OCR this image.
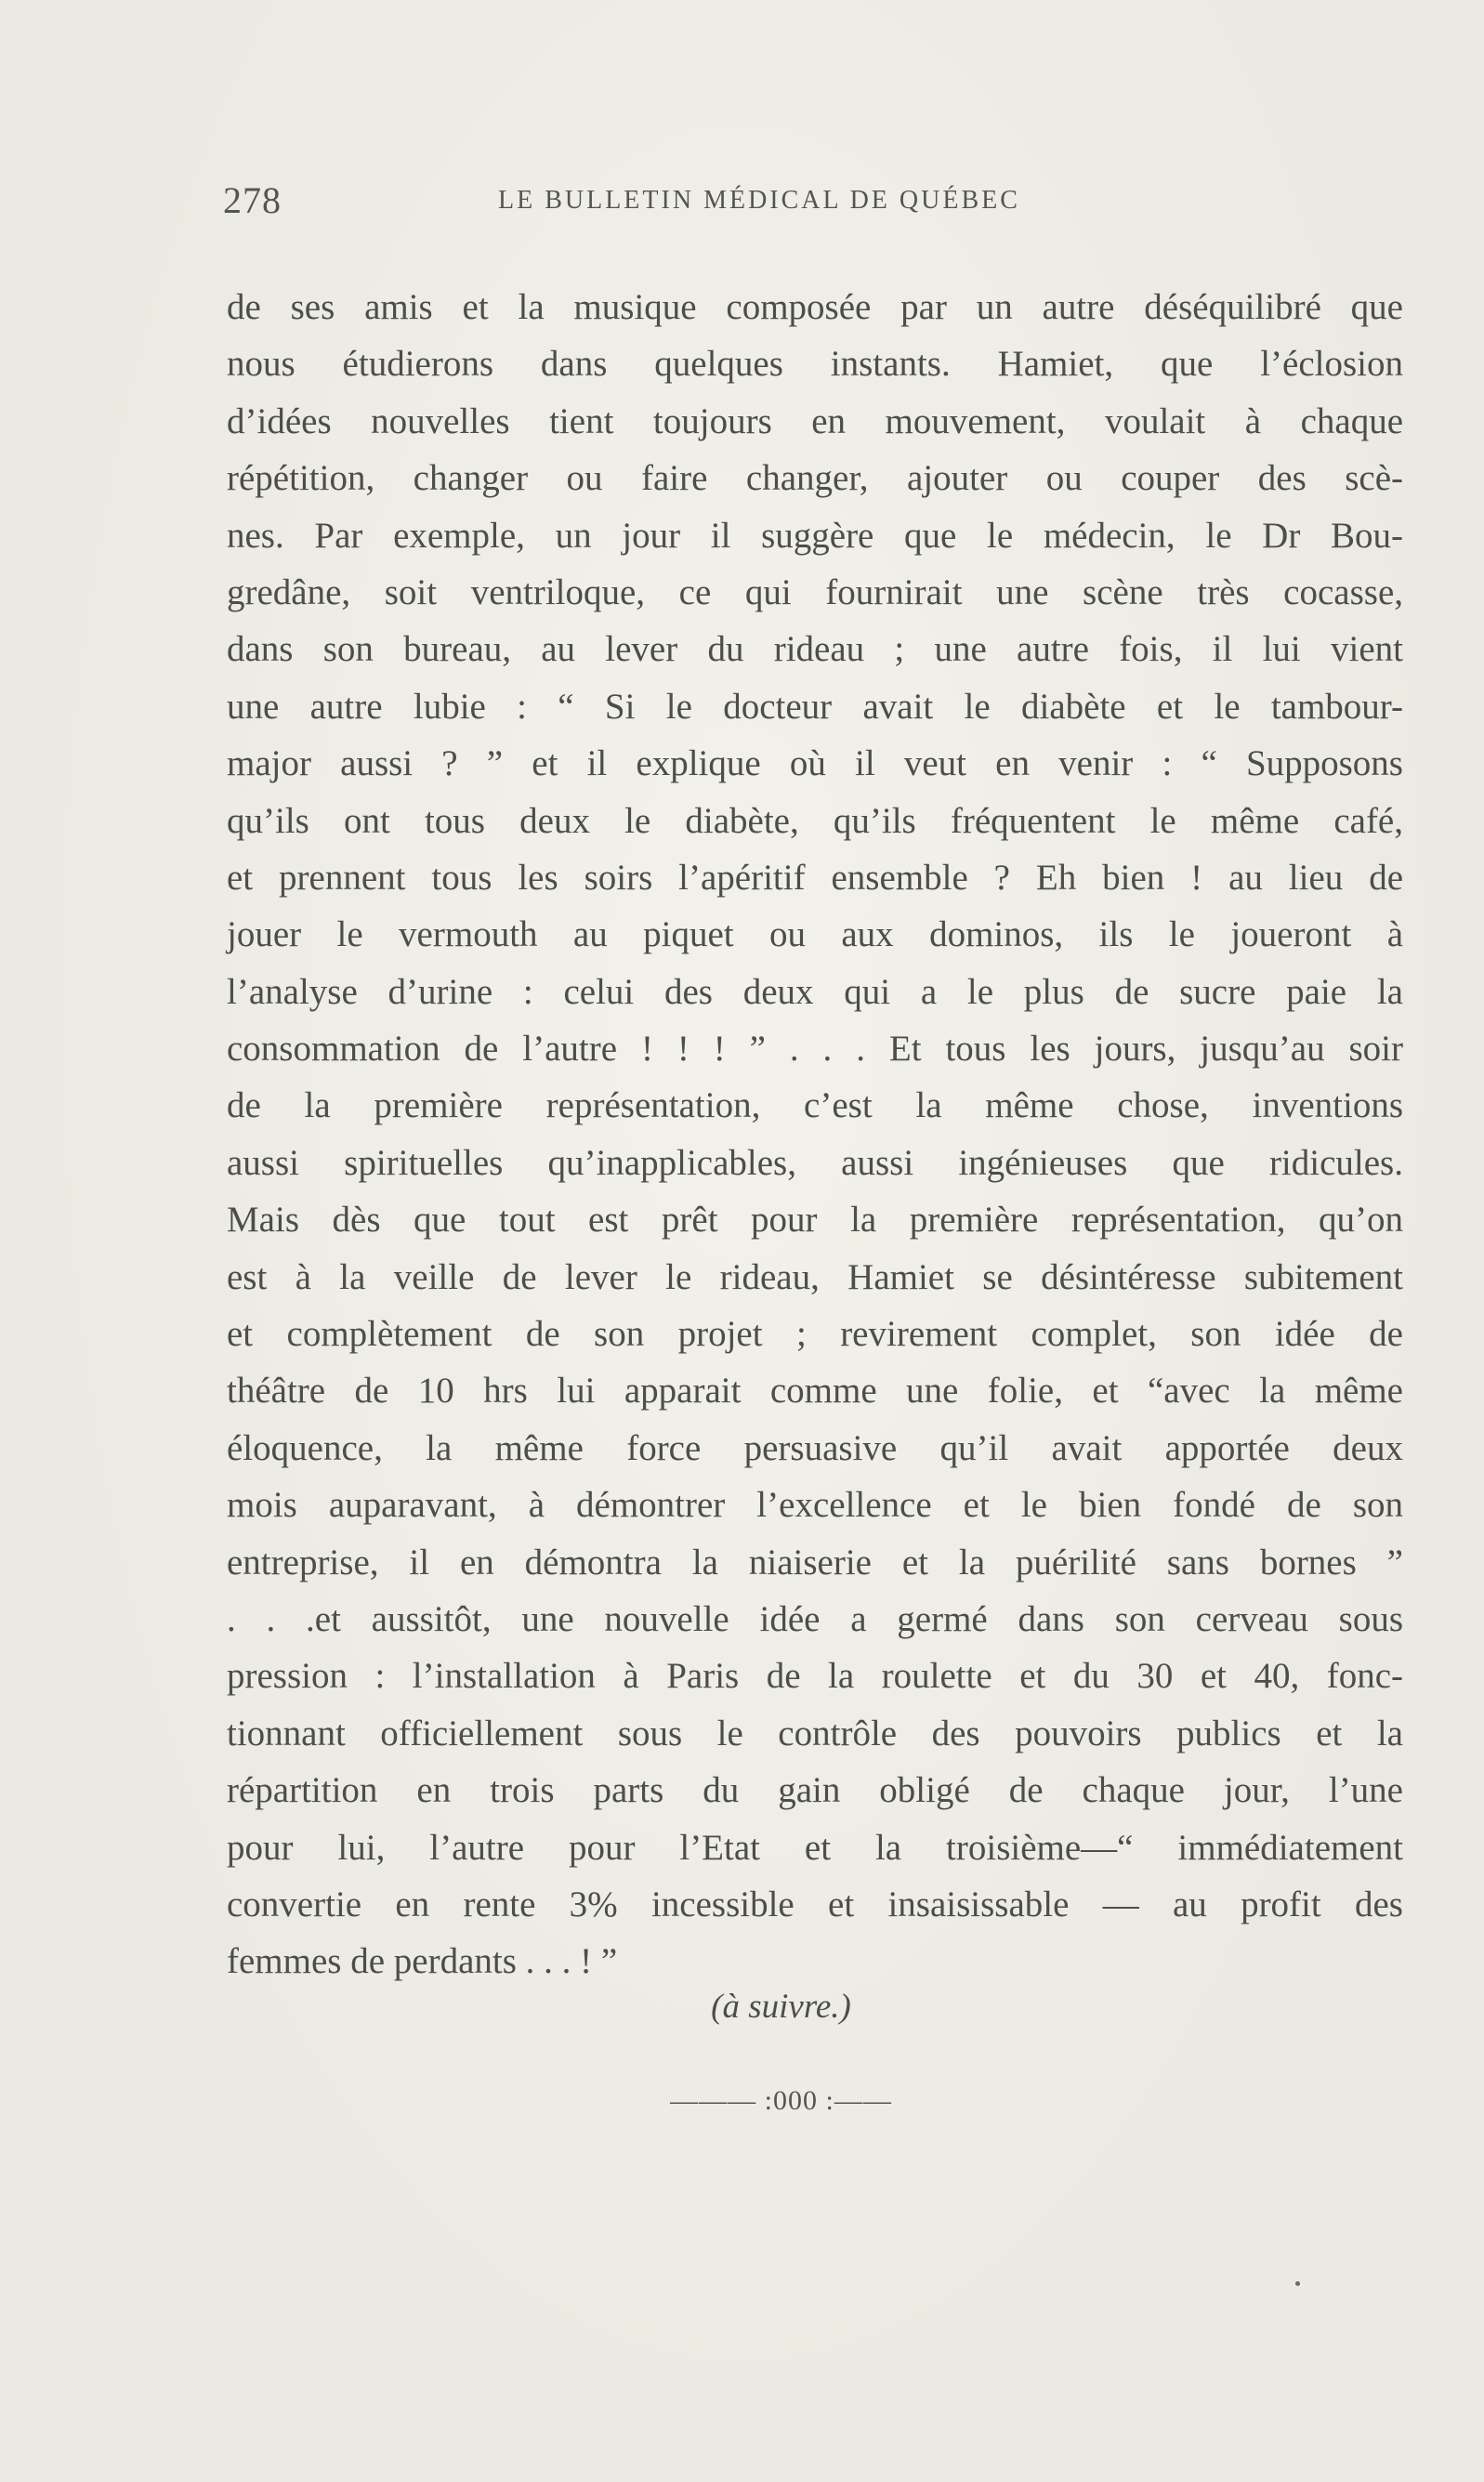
278	LE BULLETIN MÉDICAL DE QUÉBEC
de ses amis et la musique composée par un autre déséquilibré que
nous étudierons dans quelques instants. Hamiet, que l’éclosion
d’idées nouvelles tient toujours en mouvement, voulait à chaque
répétition, changer ou faire changer, ajouter ou couper des scè-
nes. Par exemple, un jour il suggère que le médecin, le Dr Bou-
gredâne, soit ventriloque, ce qui fournirait une scène très cocasse,
dans son bureau, au lever du rideau ; une autre fois, il lui vient
une autre lubie : “ Si le docteur avait le diabète et le tambour-
major aussi ? ” et il explique où il veut en venir : “ Supposons
qu’ils ont tous deux le diabète, qu’ils fréquentent le même café,
et prennent tous les soirs l’apéritif ensemble ? Eh bien ! au lieu de
jouer le vermouth au piquet ou aux dominos, ils le joueront à
l’analyse d’urine : celui des deux qui a le plus de sucre paie la
consommation de l’autre ! ! ! ” . . . Et tous les jours, jusqu’au soir
de la première représentation, c’est la même chose, inventions
aussi spirituelles qu’inapplicables, aussi ingénieuses que ridicules.
Mais dès que tout est prêt pour la première représentation, qu’on
est à la veille de lever le rideau, Hamiet se désintéresse subitement
et complètement de son projet ; revirement complet, son idée de
théâtre de 10 hrs lui apparait comme une folie, et “avec la même
éloquence, la même force persuasive qu’il avait apportée deux
mois auparavant, à démontrer l’excellence et le bien fondé de son
entreprise, il en démontra la niaiserie et la puérilité sans bornes ”
. . .et aussitôt, une nouvelle idée a germé dans son cerveau sous
pression : l’installation à Paris de la roulette et du 30 et 40, fonc-
tionnant officiellement sous le contrôle des pouvoirs publics et la
répartition en trois parts du gain obligé de chaque jour, l’une
pour lui, l’autre pour l’Etat et la troisième—“ immédiatement
convertie en rente 3% incessible et insaisissable — au profit des
femmes de perdants . . . ! ”
(à suivre.)
——— :000 :——
